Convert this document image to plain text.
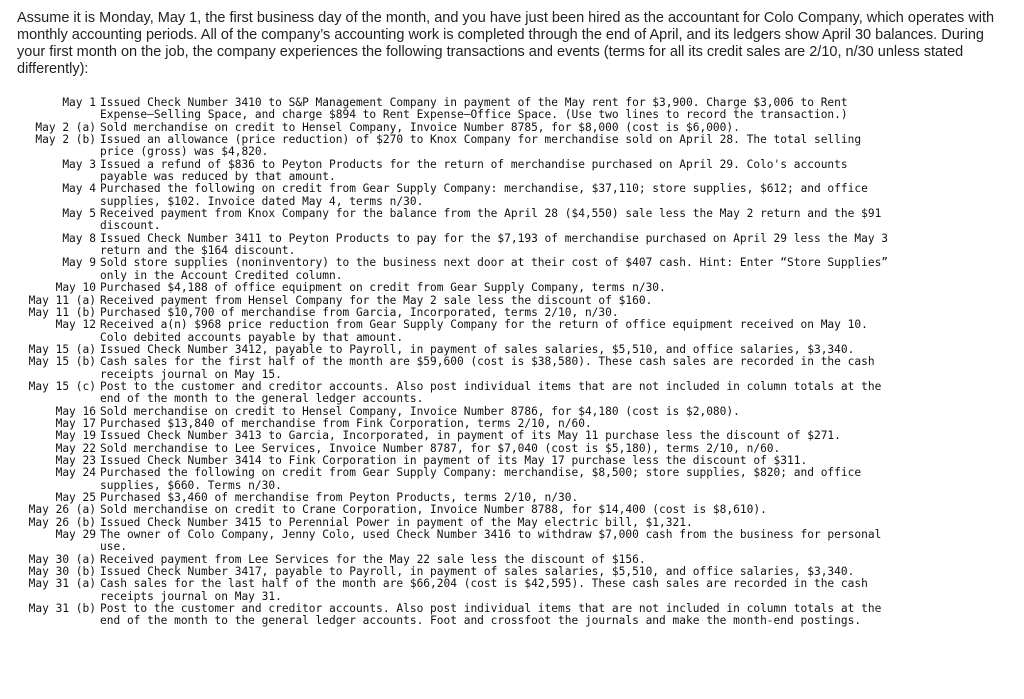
Assume it is Monday, May 1, the first business day of the month, and you have just been hired as the accountant for Colo Company, which operates with monthly accounting periods. All of the company’s accounting work is completed through the end of April, and its ledgers show April 30 balances. During your first month on the job, the company experiences the following transactions and events (terms for all its credit sales are 2/10, n/30 unless stated differently):

May 1 Issued Check Number 3410 to S&P Management Company in payment of the May rent for $3,900. Charge $3,006 to Rent Expense—Selling Space, and charge $894 to Rent Expense—Office Space. (Use two lines to record the transaction.)
May 2 (a) Sold merchandise on credit to Hensel Company, Invoice Number 8785, for $8,000 (cost is $6,000).
May 2 (b) Issued an allowance (price reduction) of $270 to Knox Company for merchandise sold on April 28. The total selling price (gross) was $4,820.
May 3 Issued a refund of $836 to Peyton Products for the return of merchandise purchased on April 29. Colo's accounts payable was reduced by that amount.
May 4 Purchased the following on credit from Gear Supply Company: merchandise, $37,110; store supplies, $612; and office supplies, $102. Invoice dated May 4, terms n/30.
May 5 Received payment from Knox Company for the balance from the April 28 ($4,550) sale less the May 2 return and the $91 discount.
May 8 Issued Check Number 3411 to Peyton Products to pay for the $7,193 of merchandise purchased on April 29 less the May 3 return and the $164 discount.
May 9 Sold store supplies (noninventory) to the business next door at their cost of $407 cash. Hint: Enter “Store Supplies” only in the Account Credited column.
May 10 Purchased $4,188 of office equipment on credit from Gear Supply Company, terms n/30.
May 11 (a) Received payment from Hensel Company for the May 2 sale less the discount of $160.
May 11 (b) Purchased $10,700 of merchandise from Garcia, Incorporated, terms 2/10, n/30.
May 12 Received a(n) $968 price reduction from Gear Supply Company for the return of office equipment received on May 10. Colo debited accounts payable by that amount.
May 15 (a) Issued Check Number 3412, payable to Payroll, in payment of sales salaries, $5,510, and office salaries, $3,340.
May 15 (b) Cash sales for the first half of the month are $59,600 (cost is $38,580). These cash sales are recorded in the cash receipts journal on May 15.
May 15 (c) Post to the customer and creditor accounts. Also post individual items that are not included in column totals at the end of the month to the general ledger accounts.
May 16 Sold merchandise on credit to Hensel Company, Invoice Number 8786, for $4,180 (cost is $2,080).
May 17 Purchased $13,840 of merchandise from Fink Corporation, terms 2/10, n/60.
May 19 Issued Check Number 3413 to Garcia, Incorporated, in payment of its May 11 purchase less the discount of $271.
May 22 Sold merchandise to Lee Services, Invoice Number 8787, for $7,040 (cost is $5,180), terms 2/10, n/60.
May 23 Issued Check Number 3414 to Fink Corporation in payment of its May 17 purchase less the discount of $311.
May 24 Purchased the following on credit from Gear Supply Company: merchandise, $8,500; store supplies, $820; and office supplies, $660. Terms n/30.
May 25 Purchased $3,460 of merchandise from Peyton Products, terms 2/10, n/30.
May 26 (a) Sold merchandise on credit to Crane Corporation, Invoice Number 8788, for $14,400 (cost is $8,610).
May 26 (b) Issued Check Number 3415 to Perennial Power in payment of the May electric bill, $1,321.
May 29 The owner of Colo Company, Jenny Colo, used Check Number 3416 to withdraw $7,000 cash from the business for personal use.
May 30 (a) Received payment from Lee Services for the May 22 sale less the discount of $156.
May 30 (b) Issued Check Number 3417, payable to Payroll, in payment of sales salaries, $5,510, and office salaries, $3,340.
May 31 (a) Cash sales for the last half of the month are $66,204 (cost is $42,595). These cash sales are recorded in the cash receipts journal on May 31.
May 31 (b) Post to the customer and creditor accounts. Also post individual items that are not included in column totals at the end of the month to the general ledger accounts. Foot and crossfoot the journals and make the month-end postings.
